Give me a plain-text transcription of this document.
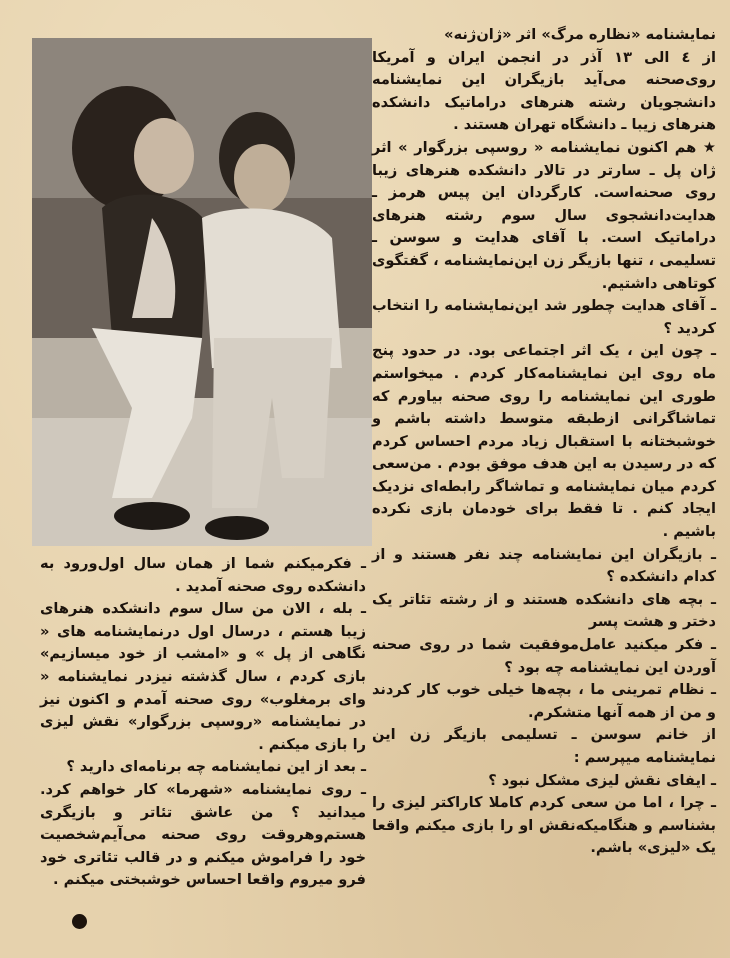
نمایشنامه «نظاره مرگ» اثر «ژان‌ژنه»

از ٤ الی ١٣ آذر در انجمن ایران و آمریکا روی‌صحنه می‌آید بازیگران این نمایشنامه دانشجویان رشته هنرهای دراماتیک دانشکده هنرهای زیبا ـ دانشگاه تهران هستند .

★ هم اکنون نمایشنامه « روسپی بزرگوار » اثر ژان پل ـ سارتر در تالار دانشکده هنرهای زیبا روی صحنه‌است. کارگردان این پیس هرمز ـ هدایت‌دانشجوی سال سوم رشته هنرهای دراماتیک است. با آقای هدایت و سوسن ـ تسلیمی ، تنها بازیگر زن این‌نمایشنامه ، گفتگوی کوتاهی داشتیم.

ـ آقای هدایت چطور شد این‌نمایشنامه را انتخاب کردید ؟

ـ چون این ، یک اثر اجتماعی بود. در حدود پنج ماه روی این نمایشنامه‌کار کردم . میخواستم طوری این نمایشنامه را روی صحنه بیاورم که تماشاگرانی ازطبقه متوسط داشته باشم و خوشبختانه با استقبال زیاد مردم احساس کردم که در رسیدن به این هدف موفق بودم . من‌سعی کردم میان نمایشنامه و تماشاگر رابطه‌ای نزدیک ایجاد کنم . تا فقط برای خودمان بازی نکرده باشیم .

ـ بازیگران این نمایشنامه چند نفر هستند و از کدام دانشکده ؟

ـ بچه های دانشکده هستند و از رشته تئاتر یک دختر و هشت پسر

ـ فکر میکنید عامل‌موفقیت شما در روی صحنه آوردن این نمایشنامه چه بود ؟

ـ نظام تمرینی ما ، بچه‌ها خیلی خوب کار کردند و من از همه آنها متشکرم.

از خانم سوسن ـ تسلیمی بازیگر زن این نمایشنامه میپرسم :

ـ ایفای نقش لیزی مشکل نبود ؟

ـ چرا ، اما من سعی کردم کاملا کاراکتر لیزی را بشناسم و هنگامیکه‌نقش او را بازی میکنم واقعا یک «لیزی» باشم.

ـ فکرمیکنم شما از همان سال اول‌ورود به دانشکده روی صحنه آمدید .

ـ بله ، الان من سال سوم دانشکده هنرهای زیبا هستم ، درسال اول درنمایشنامه های « نگاهی از پل » و «امشب از خود میسازیم» بازی کردم ، سال گذشته نیزدر نمایشنامه « وای برمغلوب» روی صحنه آمدم و اکنون نیز در نمایشنامه «روسپی بزرگوار» نقش لیزی را بازی میکنم .

ـ بعد از این نمایشنامه چه برنامه‌ای دارید ؟

ـ روی نمایشنامه «شهرما» کار خواهم کرد. میدانید ؟ من عاشق تئاتر و بازیگری هستم‌وهروقت روی صحنه می‌آیم‌شخصیت خود را فراموش میکنم و در قالب تئاتری خود فرو میروم واقعا احساس خوشبختی میکنم .
